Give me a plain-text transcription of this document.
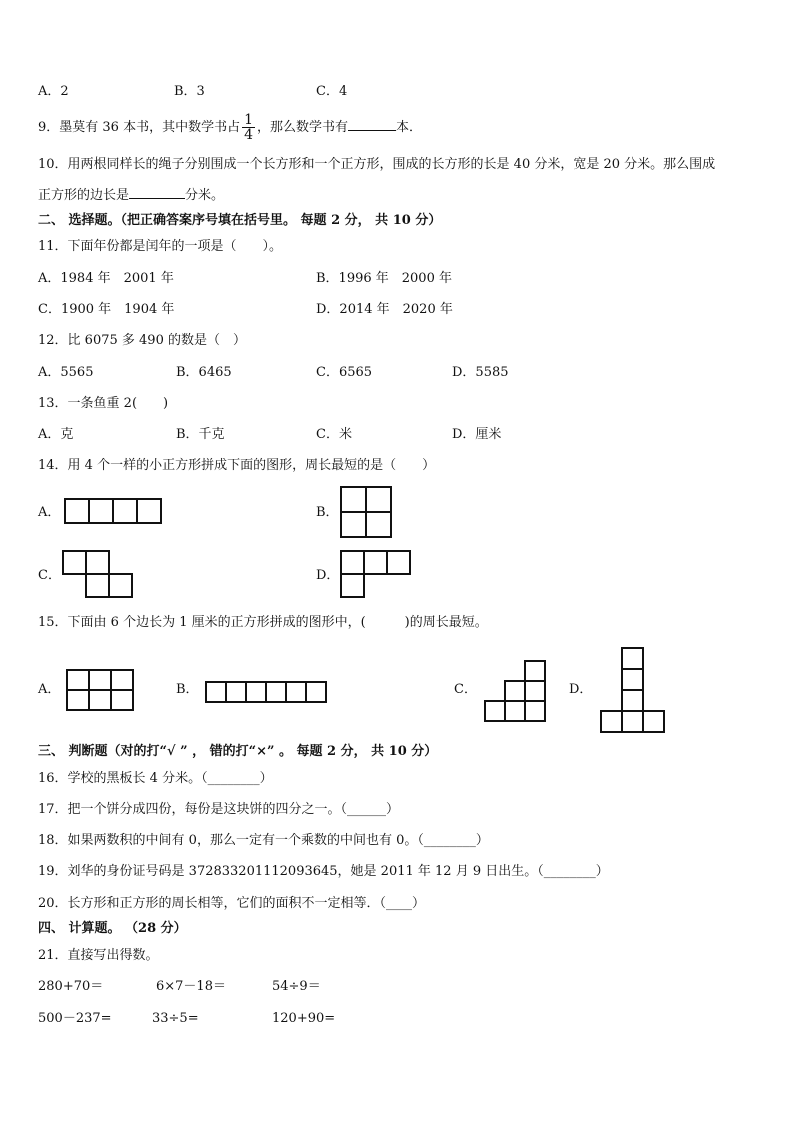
A．2	B．3	C．4
9．墨莫有 36 本书，其中数学书占 $\frac{1}{4}$ ，那么数学书有	本．
10．用两根同样长的绳子分别围成一个长方形和一个正方形，围成的长方形的长是 40 分米，宽是 20 分米。那么围成
正方形的边长是	分米。
二、 选择题。（把正确答案序号填在括号里。 每题 2 分， 共 10 分）
11．下面年份都是闰年的一项是（　　）。
A．1984 年　2001 年	B．1996 年　2000 年
C．1900 年　1904 年	D．2014 年　2020 年
12．比 6075 多 490 的数是（　）
A．5565	B．6465	C．6565	D．5585
13．一条鱼重 2(　　)
A．克	B．千克	C．米	D．厘米
14．用 4 个一样的小正方形拼成下面的图形，周长最短的是（　　）
A．	B．
C．	D．
15．下面由 6 个边长为 1 厘米的正方形拼成的图形中，(　　　)的周长最短。
A．	B．	C．	D．
三、 判断题（对的打“√ ” ， 错的打“×” 。 每题 2 分， 共 10 分）
16．学校的黑板长 4 分米。（________）
17．把一个饼分成四份，每份是这块饼的四分之一。（______）
18．如果两数积的中间有 0，那么一定有一个乘数的中间也有 0。（________）
19．刘华的身份证号码是 372833201112093645，她是 2011 年 12 月 9 日出生。（________）
20．长方形和正方形的周长相等，它们的面积不一定相等．（____）
四、 计算题。 （28 分）
21．直接写出得数。
280+70＝	6×7－18＝	54÷9＝
500－237=	33÷5=	120+90=
